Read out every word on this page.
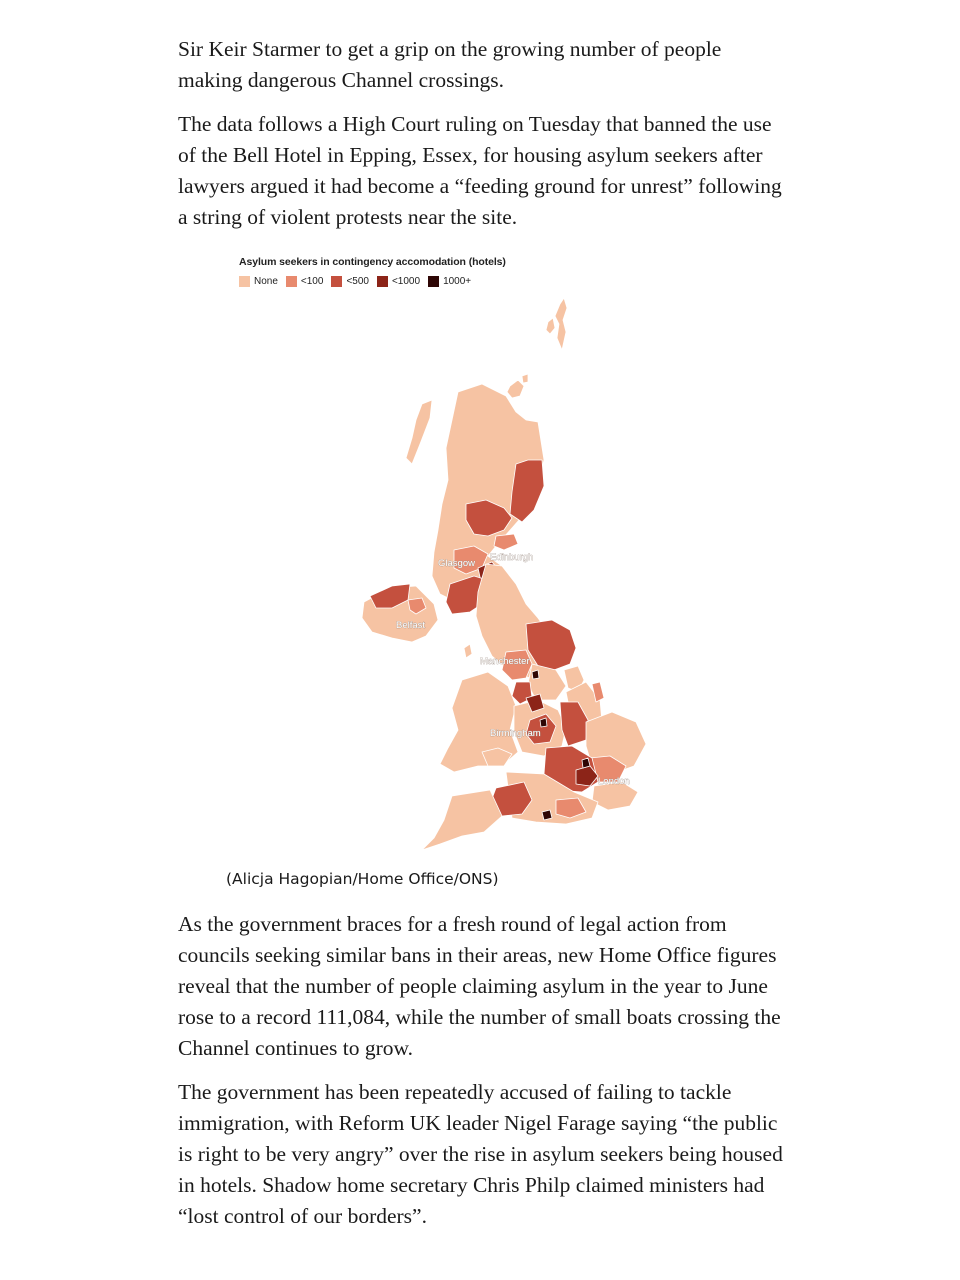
Sir Keir Starmer to get a grip on the growing number of people making dangerous Channel crossings.

The data follows a High Court ruling on Tuesday that banned the use of the Bell Hotel in Epping, Essex, for housing asylum seekers after lawyers argued it had become a “feeding ground for unrest” following a string of violent protests near the site.

Asylum seekers in contingency accomodation (hotels)
None <100 <500 <1000 1000+
Glasgow
Edinburgh
Belfast
Manchester
Birmingham
London
(Alicja Hagopian/Home Office/ONS)

As the government braces for a fresh round of legal action from councils seeking similar bans in their areas, new Home Office figures reveal that the number of people claiming asylum in the year to June rose to a record 111,084, while the number of small boats crossing the Channel continues to grow.

The government has been repeatedly accused of failing to tackle immigration, with Reform UK leader Nigel Farage saying “the public is right to be very angry” over the rise in asylum seekers being housed in hotels. Shadow home secretary Chris Philp claimed ministers had “lost control of our borders”.
